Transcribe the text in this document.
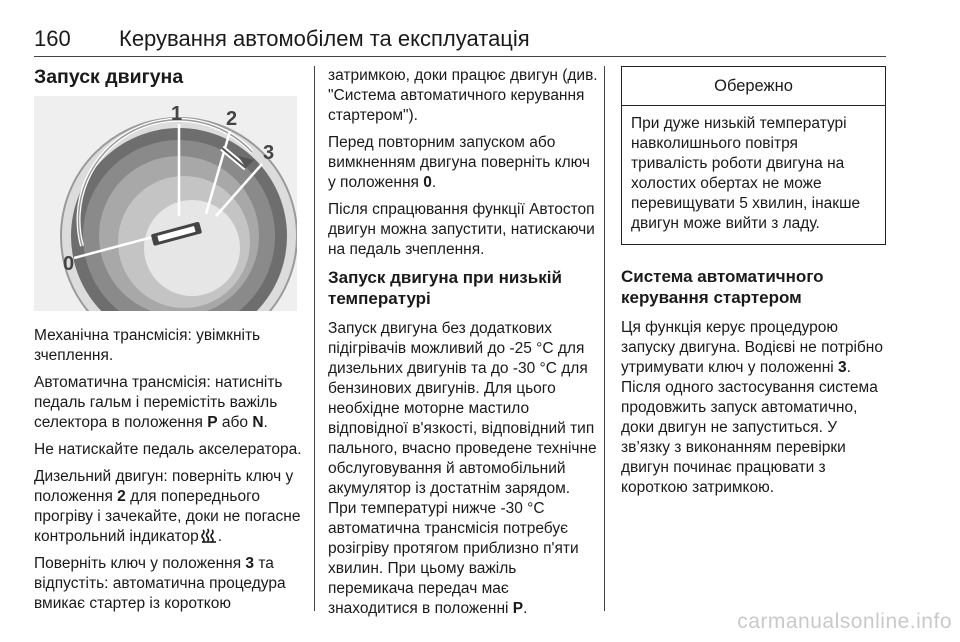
160 Керування автомобілем та експлуатація
Запуск двигуна
0
1 2
3

Механічна трансмісія: увімкніть зчеплення.

Автоматична трансмісія: натисніть педаль гальм і перемістіть важіль селектора в положення P або N.

Не натискайте педаль акселератора.

Дизельний двигун: поверніть ключ у положення 2 для попереднього прогріву і зачекайте, доки не погасне контрольний індикатор .

Поверніть ключ у положення 3 та відпустіть: автоматична процедура вмикає стартер із короткою

затримкою, доки працює двигун (див. "Система автоматичного керування стартером").

Перед повторним запуском або вимкненням двигуна поверніть ключ у положення 0.

Після спрацювання функції Автостоп двигун можна запустити, натискаючи на педаль зчеплення.

Запуск двигуна при низькій температурі

Запуск двигуна без додаткових підігрівачів можливий до -25 °C для дизельних двигунів та до -30 °C для бензинових двигунів. Для цього необхідне моторне мастило відповідної в'язкості, відповідний тип пального, вчасно проведене технічне обслуговування й автомобільний акумулятор із достатнім зарядом. При температурі нижче -30 °C автоматична трансмісія потребує розігріву протягом приблизно п'яти хвилин. При цьому важіль перемикача передач має знаходитися в положенні P.

Обережно
При дуже низькій температурі навколишнього повітря тривалість роботи двигуна на холостих обертах не може перевищувати 5 хвилин, інакше двигун може вийти з ладу.
Система автоматичного керування стартером

Ця функція керує процедурою запуску двигуна. Водієві не потрібно утримувати ключ у положенні 3. Після одного застосування система продовжить запуск автоматично, доки двигун не запуститься. У зв’язку з виконанням перевірки двигун починає працювати з короткою затримкою.

carmanualsonline.info
